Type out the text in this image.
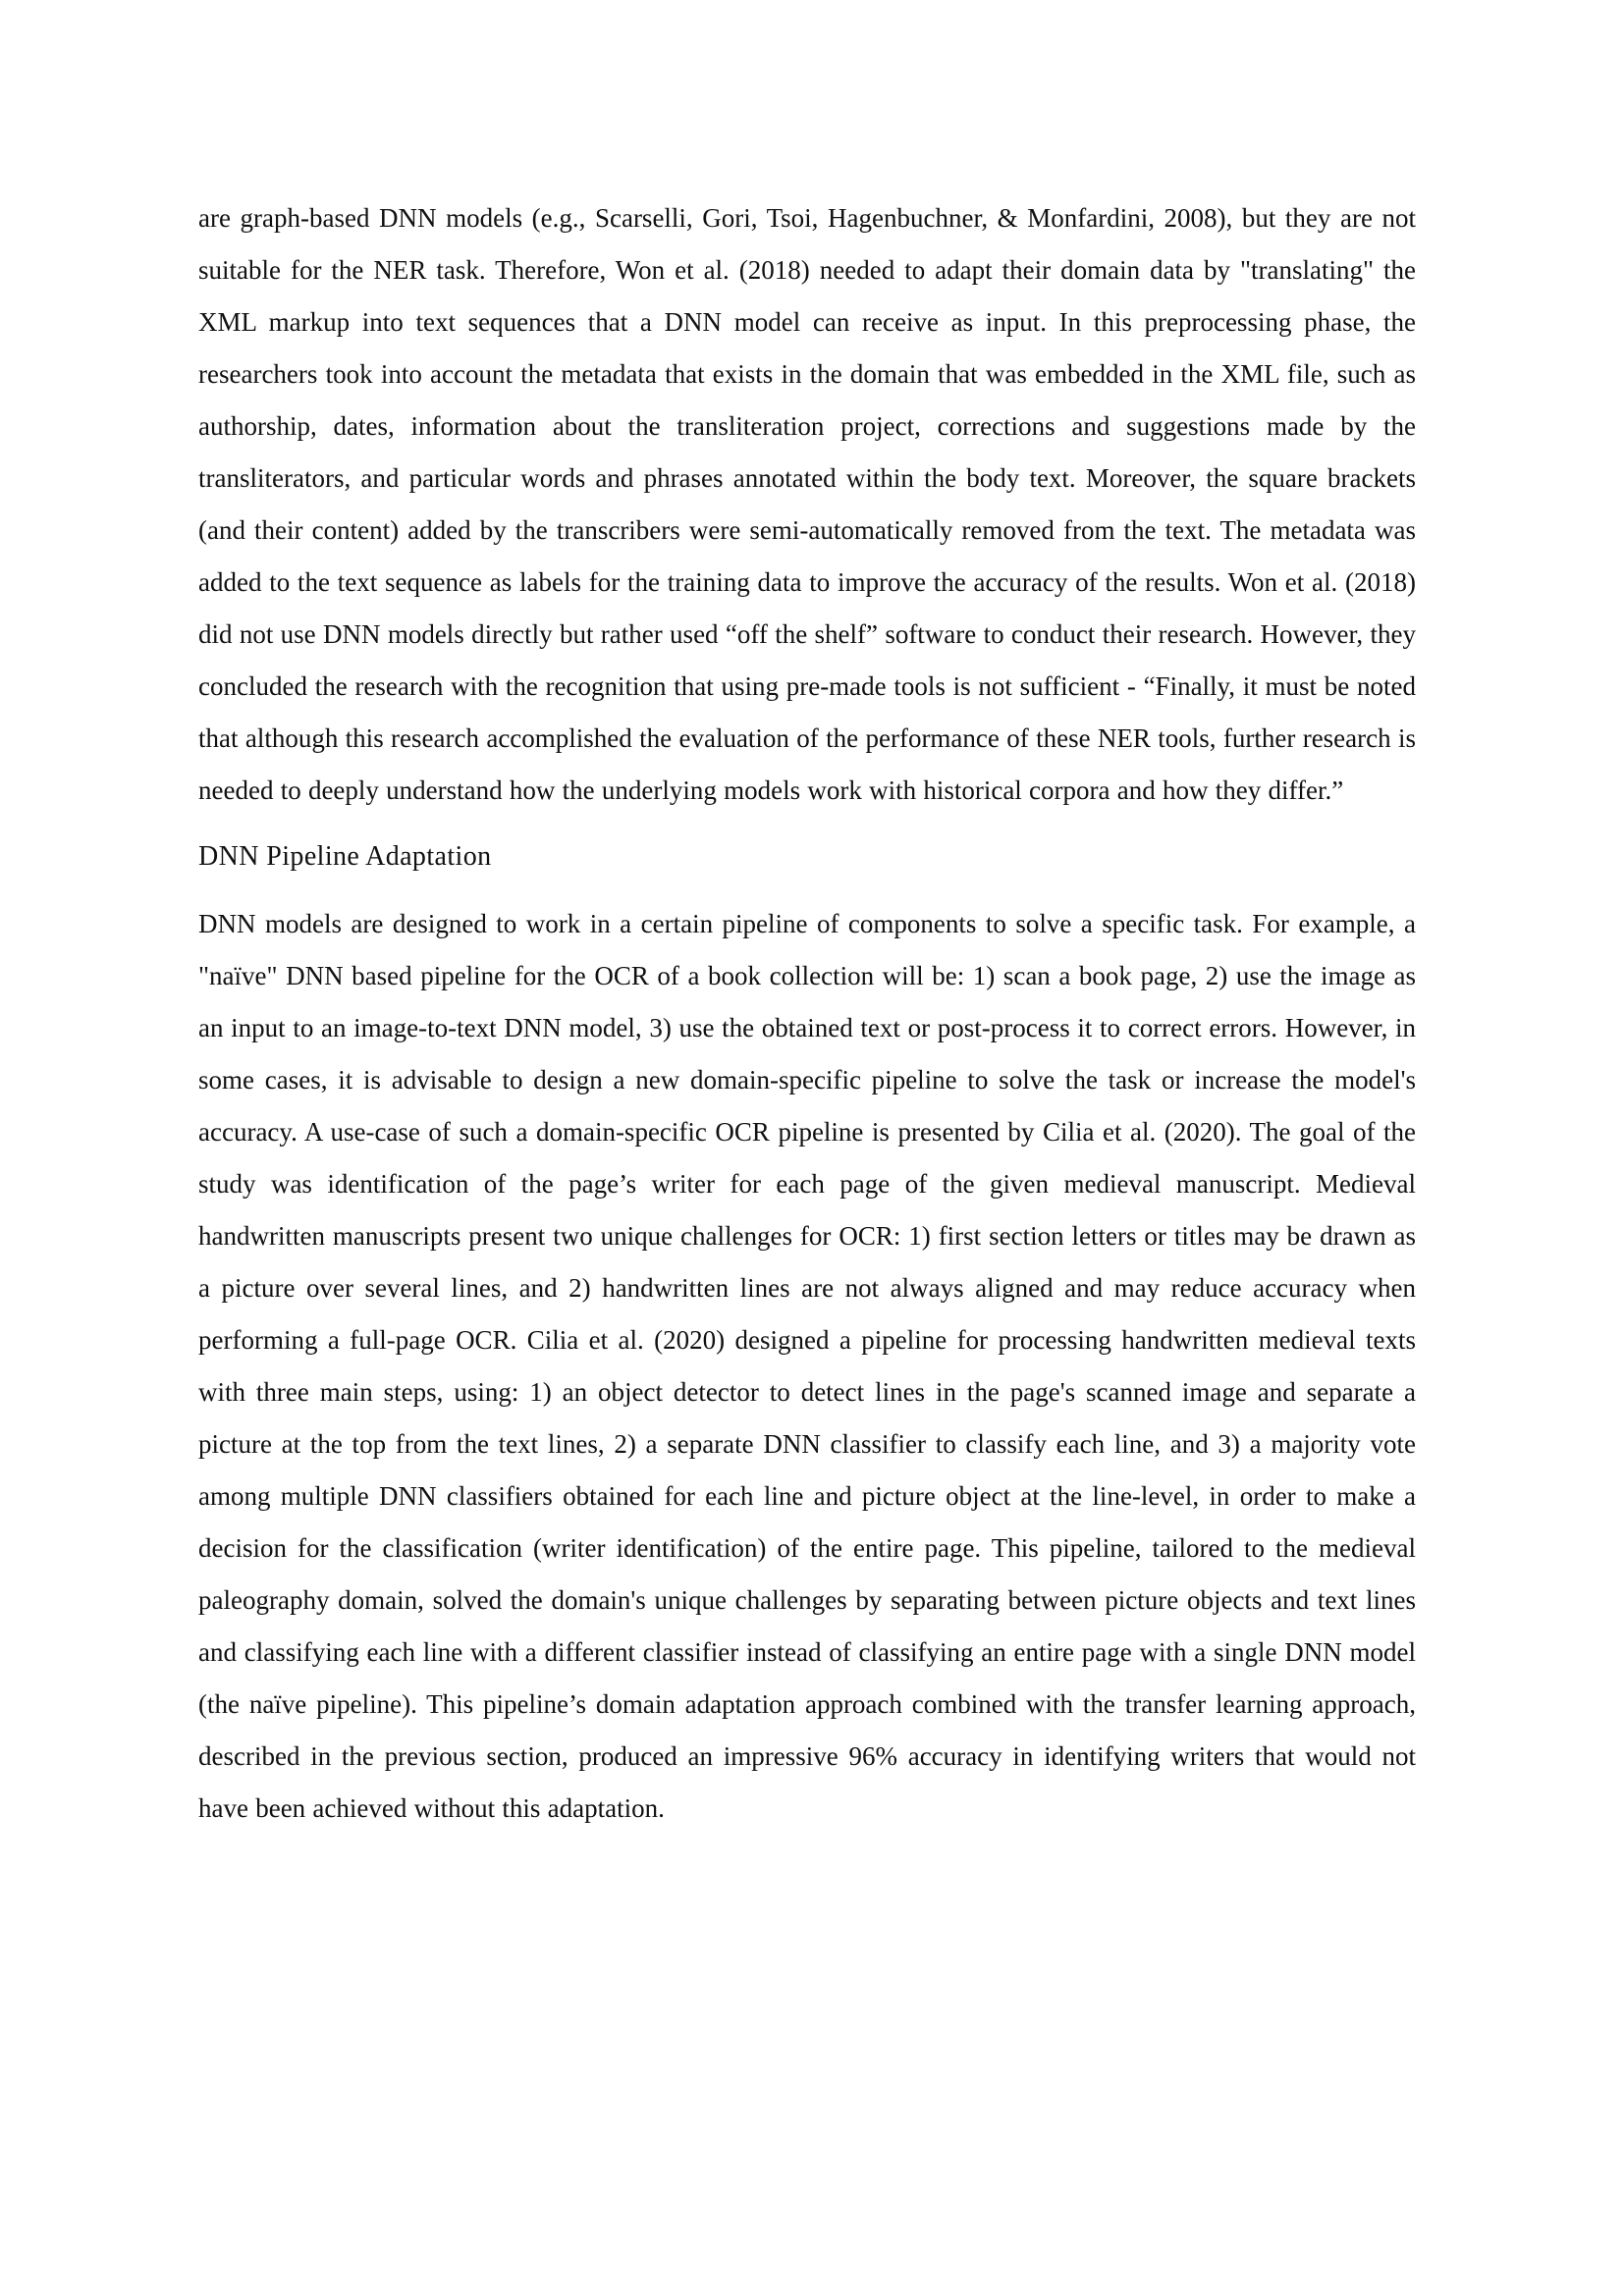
are graph-based DNN models (e.g., Scarselli, Gori, Tsoi, Hagenbuchner, & Monfardini, 2008), but they are not suitable for the NER task. Therefore, Won et al. (2018) needed to adapt their domain data by "translating" the XML markup into text sequences that a DNN model can receive as input. In this preprocessing phase, the researchers took into account the metadata that exists in the domain that was embedded in the XML file, such as authorship, dates, information about the transliteration project, corrections and suggestions made by the transliterators, and particular words and phrases annotated within the body text. Moreover, the square brackets (and their content) added by the transcribers were semi-automatically removed from the text. The metadata was added to the text sequence as labels for the training data to improve the accuracy of the results. Won et al. (2018) did not use DNN models directly but rather used “off the shelf” software to conduct their research. However, they concluded the research with the recognition that using pre-made tools is not sufficient - “Finally, it must be noted that although this research accomplished the evaluation of the performance of these NER tools, further research is needed to deeply understand how the underlying models work with historical corpora and how they differ.”

DNN Pipeline Adaptation

DNN models are designed to work in a certain pipeline of components to solve a specific task. For example, a "naïve" DNN based pipeline for the OCR of a book collection will be: 1) scan a book page, 2) use the image as an input to an image-to-text DNN model, 3) use the obtained text or post-process it to correct errors. However, in some cases, it is advisable to design a new domain-specific pipeline to solve the task or increase the model's accuracy. A use-case of such a domain-specific OCR pipeline is presented by Cilia et al. (2020). The goal of the study was identification of the page’s writer for each page of the given medieval manuscript. Medieval handwritten manuscripts present two unique challenges for OCR: 1) first section letters or titles may be drawn as a picture over several lines, and 2) handwritten lines are not always aligned and may reduce accuracy when performing a full-page OCR. Cilia et al. (2020) designed a pipeline for processing handwritten medieval texts with three main steps, using: 1) an object detector to detect lines in the page's scanned image and separate a picture at the top from the text lines, 2) a separate DNN classifier to classify each line, and 3) a majority vote among multiple DNN classifiers obtained for each line and picture object at the line-level, in order to make a decision for the classification (writer identification) of the entire page. This pipeline, tailored to the medieval paleography domain, solved the domain's unique challenges by separating between picture objects and text lines and classifying each line with a different classifier instead of classifying an entire page with a single DNN model (the naïve pipeline). This pipeline’s domain adaptation approach combined with the transfer learning approach, described in the previous section, produced an impressive 96% accuracy in identifying writers that would not have been achieved without this adaptation.
